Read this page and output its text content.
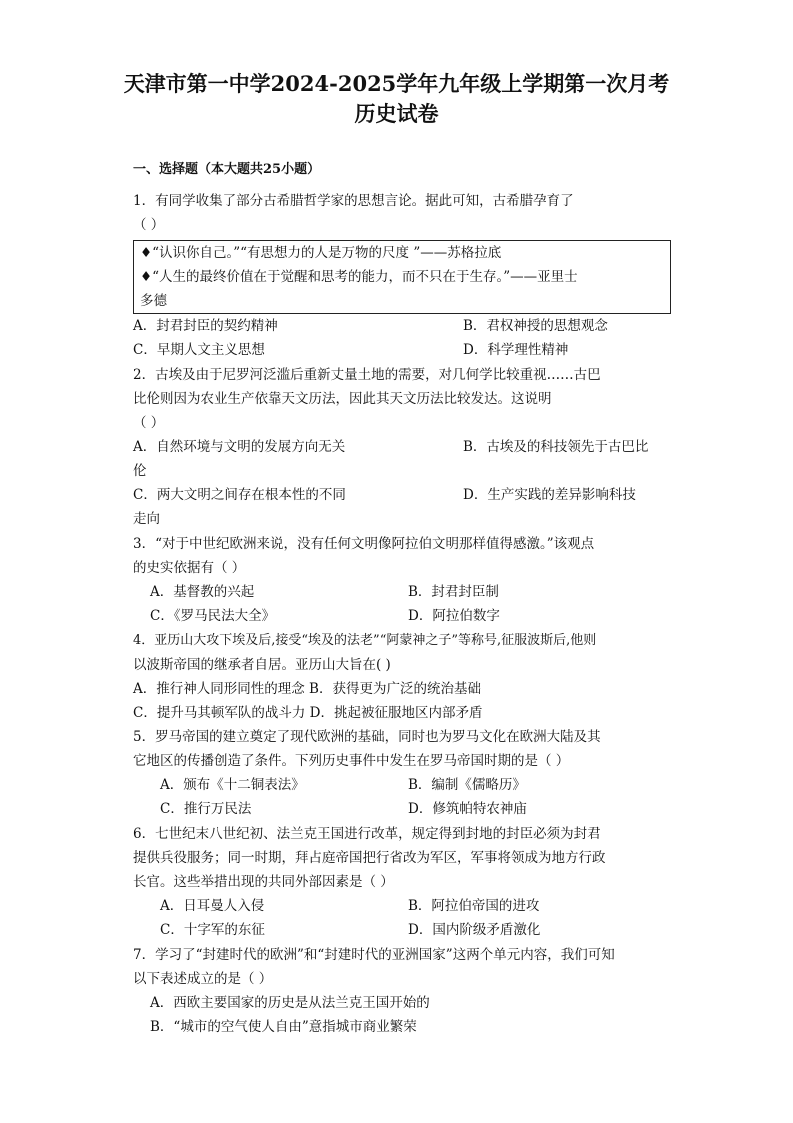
天津市第一中学2024-2025学年九年级上学期第一次月考
历史试卷
一、选择题（本大题共25小题）
1．有同学收集了部分古希腊哲学家的思想言论。据此可知，古希腊孕育了
（ ）
♦“认识你自己。”“有思想力的人是万物的尺度 ”——苏格拉底
♦“人生的最终价值在于觉醒和思考的能力，而不只在于生存。”——亚里士
多德
A．封君封臣的契约精神	B．君权神授的思想观念
C．早期人文主义思想	D．科学理性精神
2．古埃及由于尼罗河泛滥后重新丈量土地的需要，对几何学比较重视……古巴
比伦则因为农业生产依靠天文历法，因此其天文历法比较发达。这说明
（ ）
A．自然环境与文明的发展方向无关	B．古埃及的科技领先于古巴比
伦
C．两大文明之间存在根本性的不同	D．生产实践的差异影响科技
走向
3．“对于中世纪欧洲来说，没有任何文明像阿拉伯文明那样值得感激。”该观点
的史实依据有（ ）
A．基督教的兴起	B．封君封臣制
C．《罗马民法大全》	D．阿拉伯数字
4．亚历山大攻下埃及后,接受“埃及的法老”“阿蒙神之子”等称号,征服波斯后,他则
以波斯帝国的继承者自居。亚历山大旨在( )
A．推行神人同形同性的理念 B．获得更为广泛的统治基础
C．提升马其顿军队的战斗力 D．挑起被征服地区内部矛盾
5．罗马帝国的建立奠定了现代欧洲的基础，同时也为罗马文化在欧洲大陆及其
它地区的传播创造了条件。下列历史事件中发生在罗马帝国时期的是（ ）
A．颁布《十二铜表法》	B．编制《儒略历》
C．推行万民法	D．修筑帕特农神庙
6．七世纪末八世纪初、法兰克王国进行改革，规定得到封地的封臣必须为封君
提供兵役服务；同一时期，拜占庭帝国把行省改为军区，军事将领成为地方行政
长官。这些举措出现的共同外部因素是（ ）
A．日耳曼人入侵	B．阿拉伯帝国的进攻
C．十字军的东征	D．国内阶级矛盾激化
7．学习了“封建时代的欧洲”和“封建时代的亚洲国家”这两个单元内容，我们可知
以下表述成立的是（ ）
A．西欧主要国家的历史是从法兰克王国开始的
B．“城市的空气使人自由”意指城市商业繁荣
